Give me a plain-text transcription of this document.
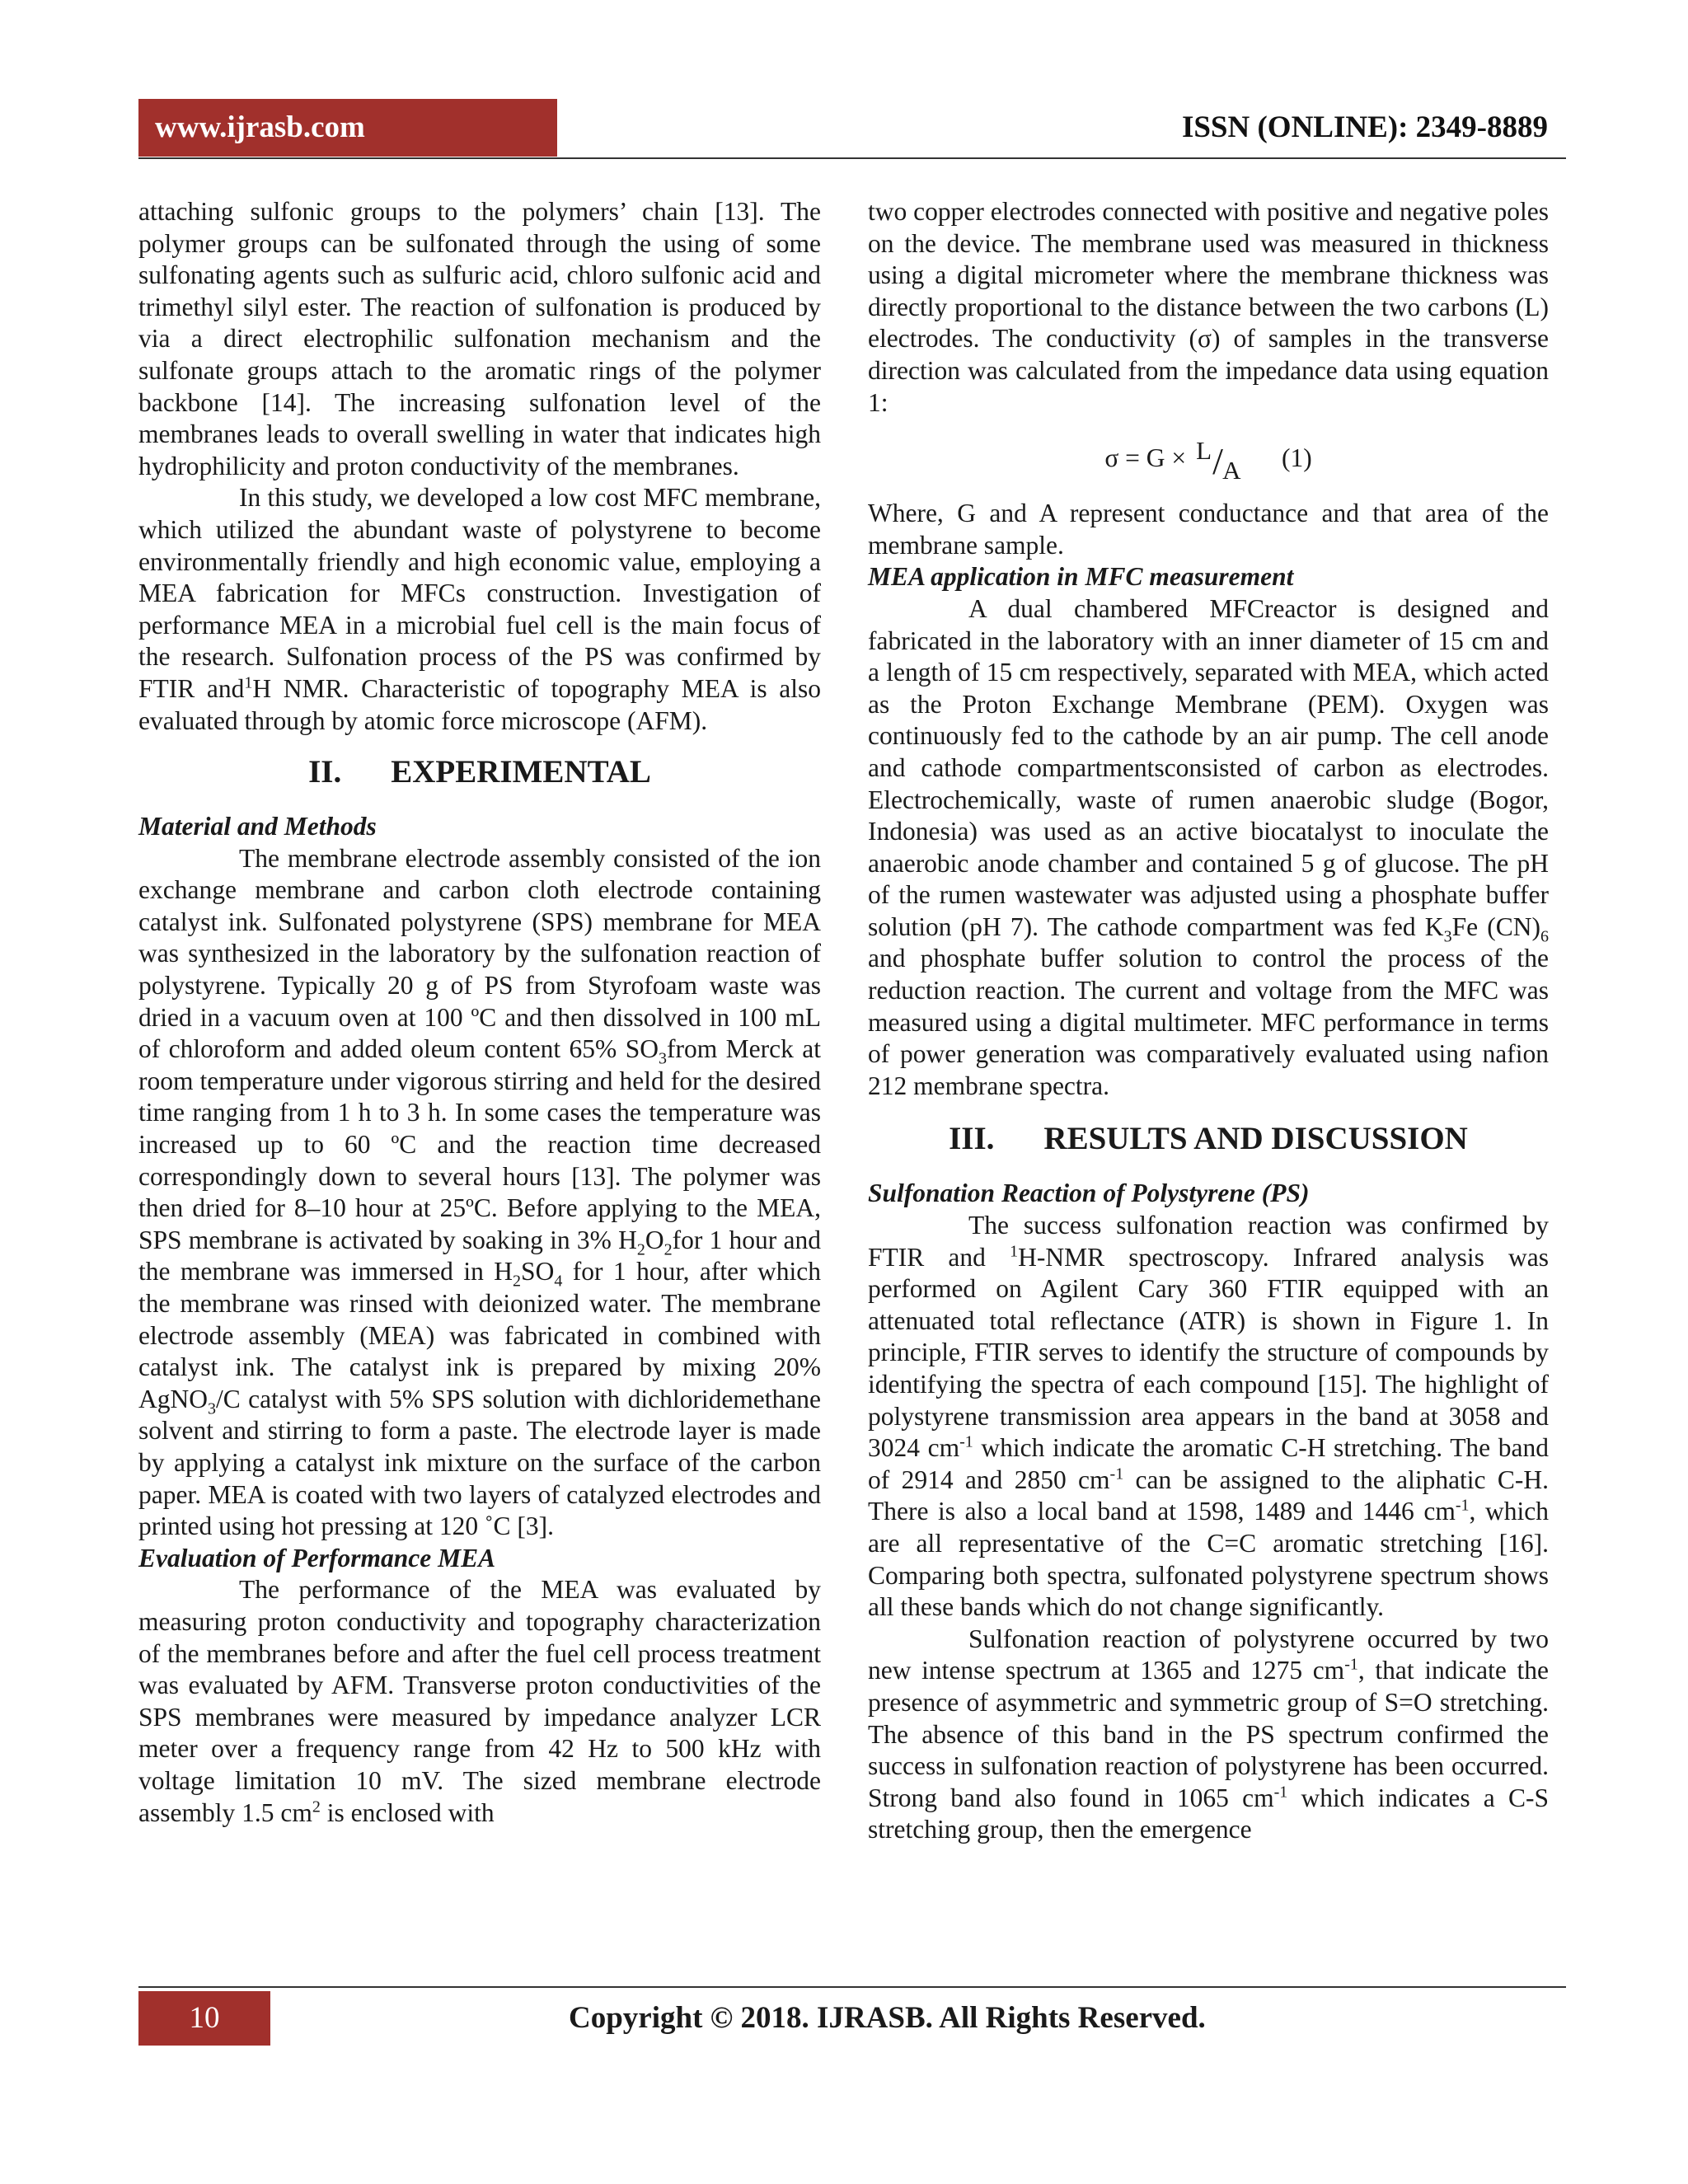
www.ijrasb.com	ISSN (ONLINE): 2349-8889

attaching sulfonic groups to the polymers’ chain [13]. The polymer groups can be sulfonated through the using of some sulfonating agents such as sulfuric acid, chloro sulfonic acid and trimethyl silyl ester. The reaction of sulfonation is produced by via a direct electrophilic sulfonation mechanism and the sulfonate groups attach to the aromatic rings of the polymer backbone [14]. The increasing sulfonation level of the membranes leads to overall swelling in water that indicates high hydrophilicity and proton conductivity of the membranes.

In this study, we developed a low cost MFC membrane, which utilized the abundant waste of polystyrene to become environmentally friendly and high economic value, employing a MEA fabrication for MFCs construction. Investigation of performance MEA in a microbial fuel cell is the main focus of the research. Sulfonation process of the PS was confirmed by FTIR and$^1$H NMR. Characteristic of topography MEA is also evaluated through by atomic force microscope (AFM).

II. EXPERIMENTAL

Material and Methods

The membrane electrode assembly consisted of the ion exchange membrane and carbon cloth electrode containing catalyst ink. Sulfonated polystyrene (SPS) membrane for MEA was synthesized in the laboratory by the sulfonation reaction of polystyrene. Typically 20 g of PS from Styrofoam waste was dried in a vacuum oven at 100 ºC and then dissolved in 100 mL of chloroform and added oleum content 65% $SO_3from$ Merck at room temperature under vigorous stirring and held for the desired time ranging from 1 h to 3 h. In some cases the temperature was increased up to 60 ºC and the reaction time decreased correspondingly down to several hours [13]. The polymer was then dried for 8–10 hour at 25ºC. Before applying to the MEA, SPS membrane is activated by soaking in 3% $H_2O_2for$ 1 hour and the membrane was immersed in $H_2SO_4$ for 1 hour, after which the membrane was rinsed with deionized water. The membrane electrode assembly (MEA) was fabricated in combined with catalyst ink. The catalyst ink is prepared by mixing 20% AgNO$_3$/C catalyst with 5% SPS solution with dichloridemethane solvent and stirring to form a paste. The electrode layer is made by applying a catalyst ink mixture on the surface of the carbon paper. MEA is coated with two layers of catalyzed electrodes and printed using hot pressing at 120 ˚C [3].

Evaluation of Performance MEA

The performance of the MEA was evaluated by measuring proton conductivity and topography characterization of the membranes before and after the fuel cell process treatment was evaluated by AFM. Transverse proton conductivities of the SPS membranes were measured by impedance analyzer LCR meter over a frequency range from 42 Hz to 500 kHz with voltage limitation 10 mV. The sized membrane electrode assembly 1.5 $cm^2$ is enclosed with

two copper electrodes connected with positive and negative poles on the device. The membrane used was measured in thickness using a digital micrometer where the membrane thickness was directly proportional to the distance between the two carbons (L) electrodes. The conductivity (σ) of samples in the transverse direction was calculated from the impedance data using equation 1:

σ = G × L / A (1)

Where, G and A represent conductance and that area of the membrane sample.

MEA application in MFC measurement

A dual chambered MFCreactor is designed and fabricated in the laboratory with an inner diameter of 15 cm and a length of 15 cm respectively, separated with MEA, which acted as the Proton Exchange Membrane (PEM). Oxygen was continuously fed to the cathode by an air pump. The cell anode and cathode compartmentsconsisted of carbon as electrodes. Electrochemically, waste of rumen anaerobic sludge (Bogor, Indonesia) was used as an active biocatalyst to inoculate the anaerobic anode chamber and contained 5 g of glucose. The pH of the rumen wastewater was adjusted using a phosphate buffer solution (pH 7). The cathode compartment was fed $K_3Fe$ $(CN)_6$ and phosphate buffer solution to control the process of the reduction reaction. The current and voltage from the MFC was measured using a digital multimeter. MFC performance in terms of power generation was comparatively evaluated using nafion 212 membrane spectra.

III. RESULTS AND DISCUSSION

Sulfonation Reaction of Polystyrene (PS)

The success sulfonation reaction was confirmed by FTIR and $^1$H-NMR spectroscopy. Infrared analysis was performed on Agilent Cary 360 FTIR equipped with an attenuated total reflectance (ATR) is shown in Figure 1. In principle, FTIR serves to identify the structure of compounds by identifying the spectra of each compound [15]. The highlight of polystyrene transmission area appears in the band at 3058 and 3024 $cm^{-1}$ which indicate the aromatic C-H stretching. The band of 2914 and 2850 $cm^{-1}$ can be assigned to the aliphatic C-H. There is also a local band at 1598, 1489 and 1446 $cm^{-1}$, which are all representative of the C=C aromatic stretching [16]. Comparing both spectra, sulfonated polystyrene spectrum shows all these bands which do not change significantly.

Sulfonation reaction of polystyrene occurred by two new intense spectrum at 1365 and 1275 $cm^{-1}$, that indicate the presence of asymmetric and symmetric group of S=O stretching. The absence of this band in the PS spectrum confirmed the success in sulfonation reaction of polystyrene has been occurred. Strong band also found in 1065 $cm^{-1}$ which indicates a C-S stretching group, then the emergence

10	Copyright © 2018. IJRASB. All Rights Reserved.
